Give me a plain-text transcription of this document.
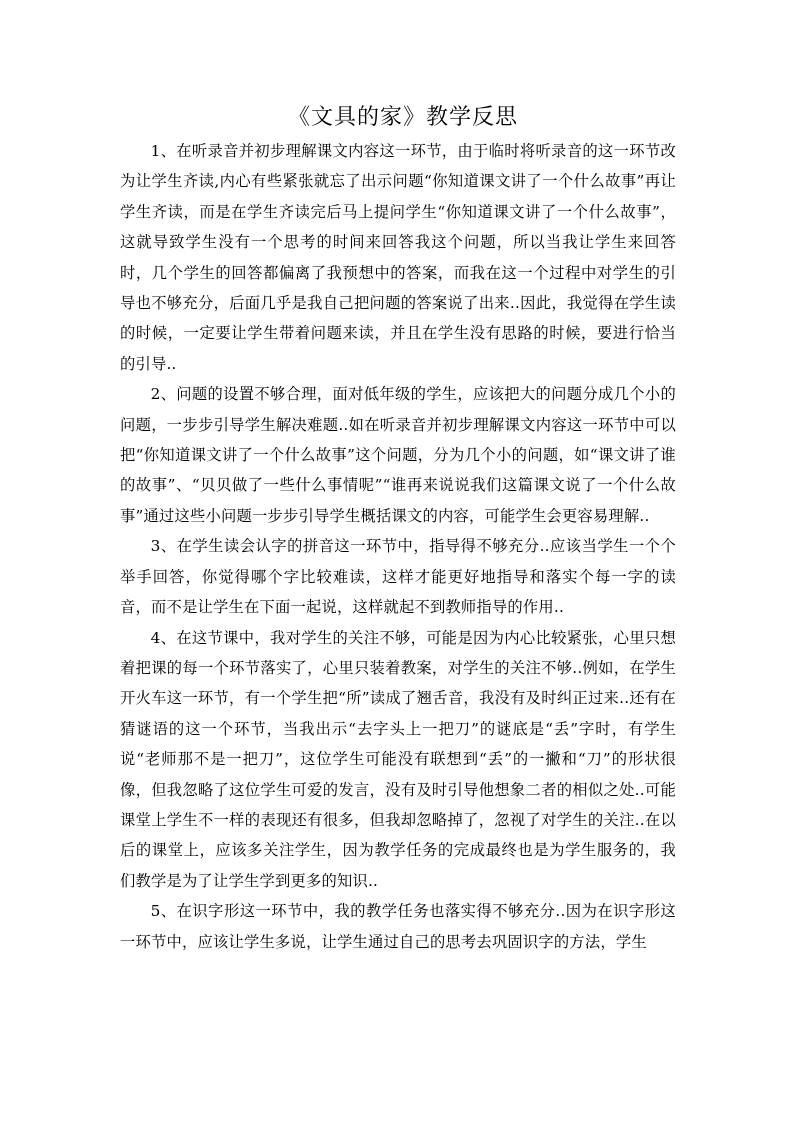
《文具的家》教学反思

1、在听录音并初步理解课文内容这一环节，由于临时将听录音的这一环节改为让学生齐读,内心有些紧张就忘了出示问题“你知道课文讲了一个什么故事”再让学生齐读，而是在学生齐读完后马上提问学生“你知道课文讲了一个什么故事”，这就导致学生没有一个思考的时间来回答我这个问题，所以当我让学生来回答时，几个学生的回答都偏离了我预想中的答案，而我在这一个过程中对学生的引导也不够充分，后面几乎是我自己把问题的答案说了出来..因此，我觉得在学生读的时候，一定要让学生带着问题来读，并且在学生没有思路的时候，要进行恰当的引导..

2、问题的设置不够合理，面对低年级的学生，应该把大的问题分成几个小的问题，一步步引导学生解决难题..如在听录音并初步理解课文内容这一环节中可以把“你知道课文讲了一个什么故事”这个问题，分为几个小的问题，如“课文讲了谁的故事”、“贝贝做了一些什么事情呢”“谁再来说说我们这篇课文说了一个什么故事”通过这些小问题一步步引导学生概括课文的内容，可能学生会更容易理解..

3、在学生读会认字的拼音这一环节中，指导得不够充分..应该当学生一个个举手回答，你觉得哪个字比较难读，这样才能更好地指导和落实个每一字的读音，而不是让学生在下面一起说，这样就起不到教师指导的作用..

4、在这节课中，我对学生的关注不够，可能是因为内心比较紧张，心里只想着把课的每一个环节落实了，心里只装着教案，对学生的关注不够..例如，在学生开火车这一环节，有一个学生把“所”读成了翘舌音，我没有及时纠正过来..还有在猜谜语的这一个环节，当我出示“去字头上一把刀”的谜底是“丢”字时，有学生说“老师那不是一把刀”，这位学生可能没有联想到“丢”的一撇和“刀”的形状很像，但我忽略了这位学生可爱的发言，没有及时引导他想象二者的相似之处..可能课堂上学生不一样的表现还有很多，但我却忽略掉了，忽视了对学生的关注..在以后的课堂上，应该多关注学生，因为教学任务的完成最终也是为学生服务的，我们教学是为了让学生学到更多的知识..

5、在识字形这一环节中，我的教学任务也落实得不够充分..因为在识字形这一环节中，应该让学生多说，让学生通过自己的思考去巩固识字的方法，学生
